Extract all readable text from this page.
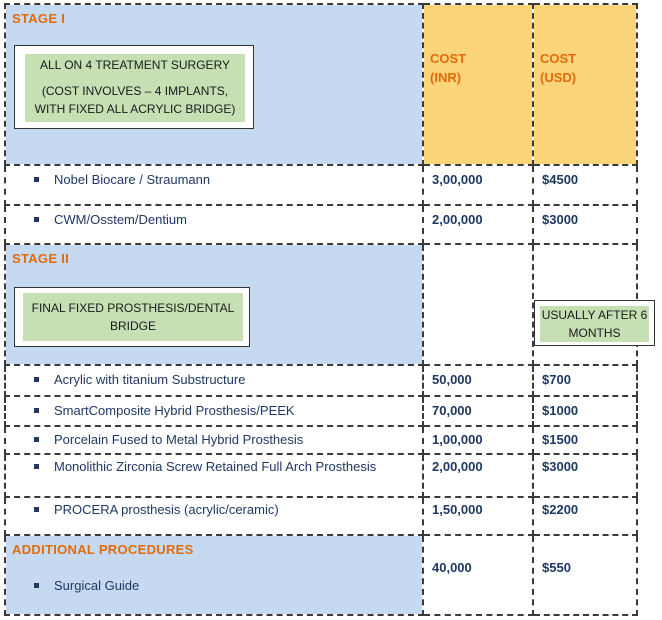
STAGE I
ALL ON 4 TREATMENT SURGERY
(COST INVOLVES – 4 IMPLANTS, WITH FIXED ALL ACRYLIC BRIDGE)	COST (INR)	COST (USD)

Nobel Biocare / Straumann	3,00,000	$4500

CWM/Osstem/Dentium	2,00,000	$3000

STAGE II
FINAL FIXED PROSTHESIS/DENTAL BRIDGE		USUALLY AFTER 6 MONTHS

Acrylic with titanium Substructure	50,000	$700

SmartComposite Hybrid Prosthesis/PEEK	70,000	$1000

Porcelain Fused to Metal Hybrid Prosthesis	1,00,000	$1500

Monolithic Zirconia Screw Retained Full Arch Prosthesis	2,00,000	$3000

PROCERA prosthesis (acrylic/ceramic)	1,50,000	$2200

ADDITIONAL PROCEDURES
Surgical Guide	40,000	$550
